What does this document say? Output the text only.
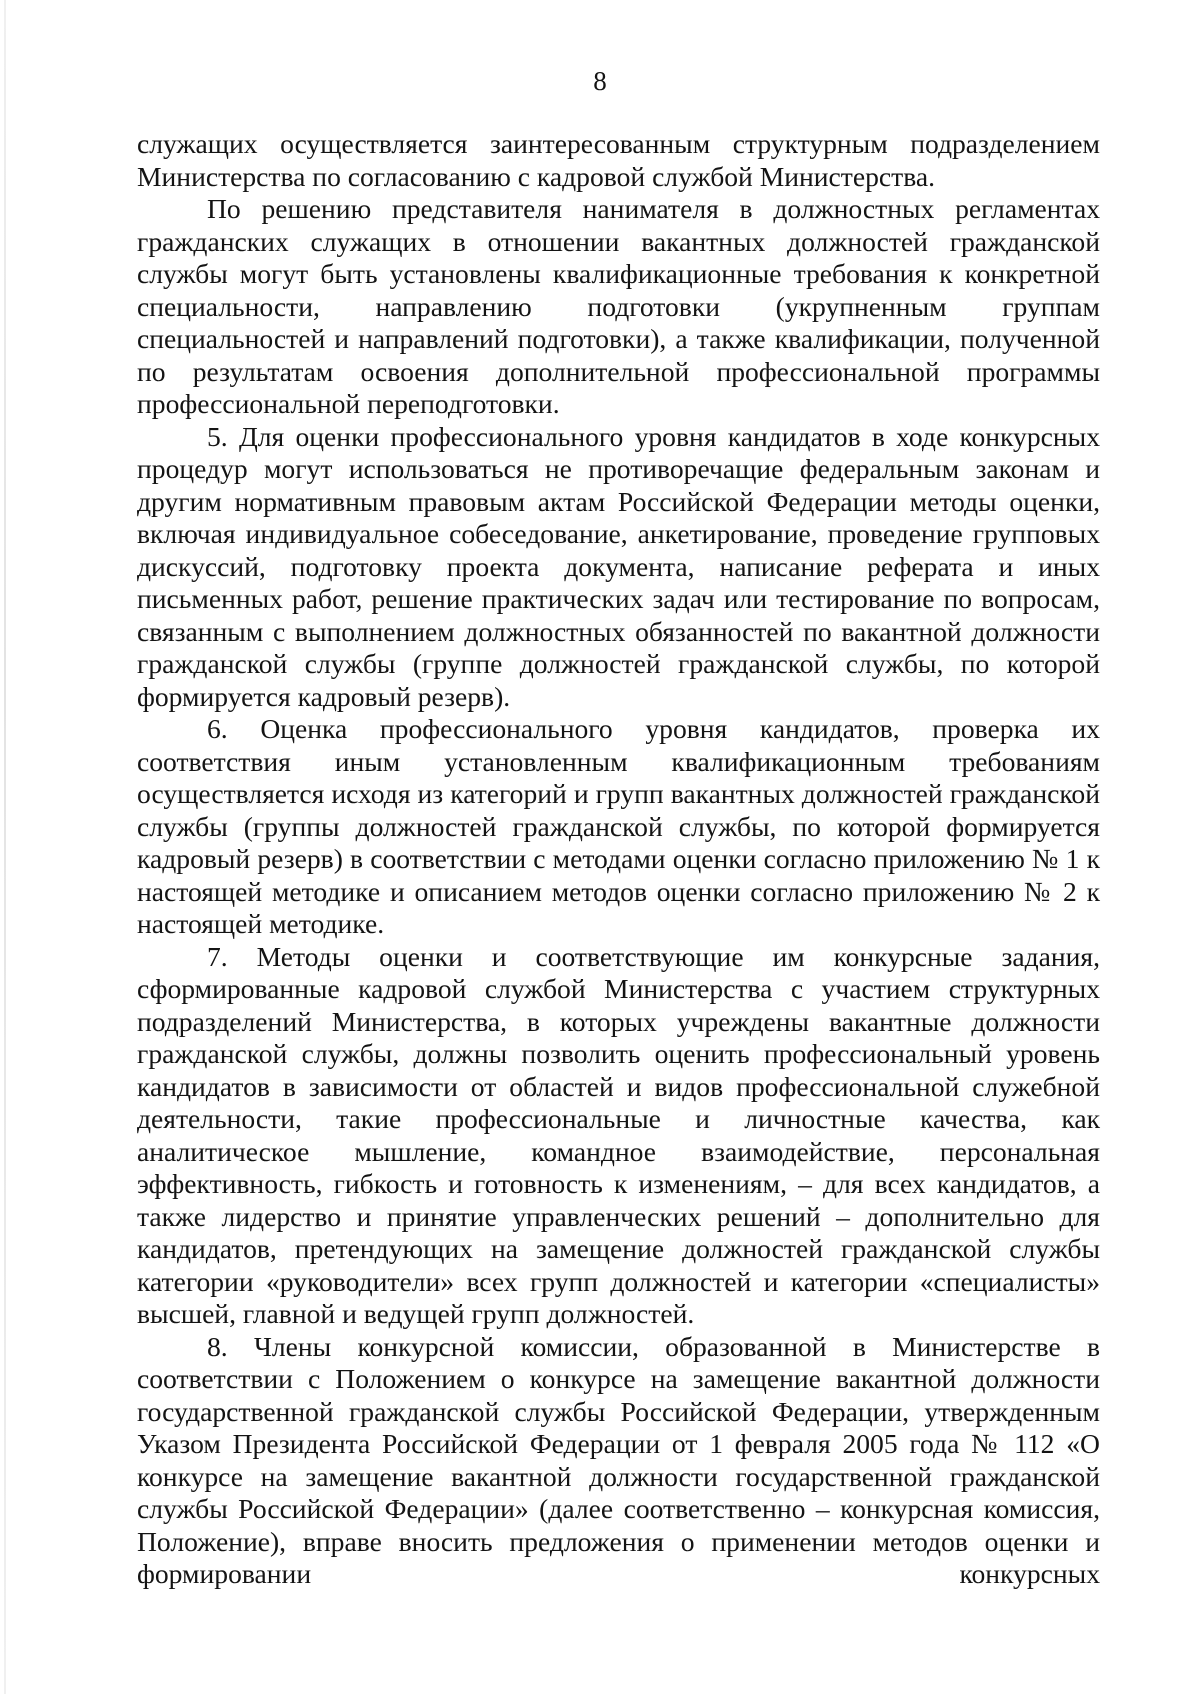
8

служащих осуществляется заинтересованным структурным подразделением Министерства по согласованию с кадровой службой Министерства.

По решению представителя нанимателя в должностных регламентах гражданских служащих в отношении вакантных должностей гражданской службы могут быть установлены квалификационные требования к конкретной специальности, направлению подготовки (укрупненным группам специальностей и направлений подготовки), а также квалификации, полученной по результатам освоения дополнительной профессиональной программы профессиональной переподготовки.

5. Для оценки профессионального уровня кандидатов в ходе конкурсных процедур могут использоваться не противоречащие федеральным законам и другим нормативным правовым актам Российской Федерации методы оценки, включая индивидуальное собеседование, анкетирование, проведение групповых дискуссий, подготовку проекта документа, написание реферата и иных письменных работ, решение практических задач или тестирование по вопросам, связанным с выполнением должностных обязанностей по вакантной должности гражданской службы (группе должностей гражданской службы, по которой формируется кадровый резерв).

6. Оценка профессионального уровня кандидатов, проверка их соответствия иным установленным квалификационным требованиям осуществляется исходя из категорий и групп вакантных должностей гражданской службы (группы должностей гражданской службы, по которой формируется кадровый резерв) в соответствии с методами оценки согласно приложению № 1 к настоящей методике и описанием методов оценки согласно приложению № 2 к настоящей методике.

7. Методы оценки и соответствующие им конкурсные задания, сформированные кадровой службой Министерства с участием структурных подразделений Министерства, в которых учреждены вакантные должности гражданской службы, должны позволить оценить профессиональный уровень кандидатов в зависимости от областей и видов профессиональной служебной деятельности, такие профессиональные и личностные качества, как аналитическое мышление, командное взаимодействие, персональная эффективность, гибкость и готовность к изменениям, – для всех кандидатов, а также лидерство и принятие управленческих решений – дополнительно для кандидатов, претендующих на замещение должностей гражданской службы категории «руководители» всех групп должностей и категории «специалисты» высшей, главной и ведущей групп должностей.

8. Члены конкурсной комиссии, образованной в Министерстве в соответствии с Положением о конкурсе на замещение вакантной должности государственной гражданской службы Российской Федерации, утвержденным Указом Президента Российской Федерации от 1 февраля 2005 года № 112 «О конкурсе на замещение вакантной должности государственной гражданской службы Российской Федерации» (далее соответственно – конкурсная комиссия, Положение), вправе вносить предложения о применении методов оценки и формировании конкурсных
